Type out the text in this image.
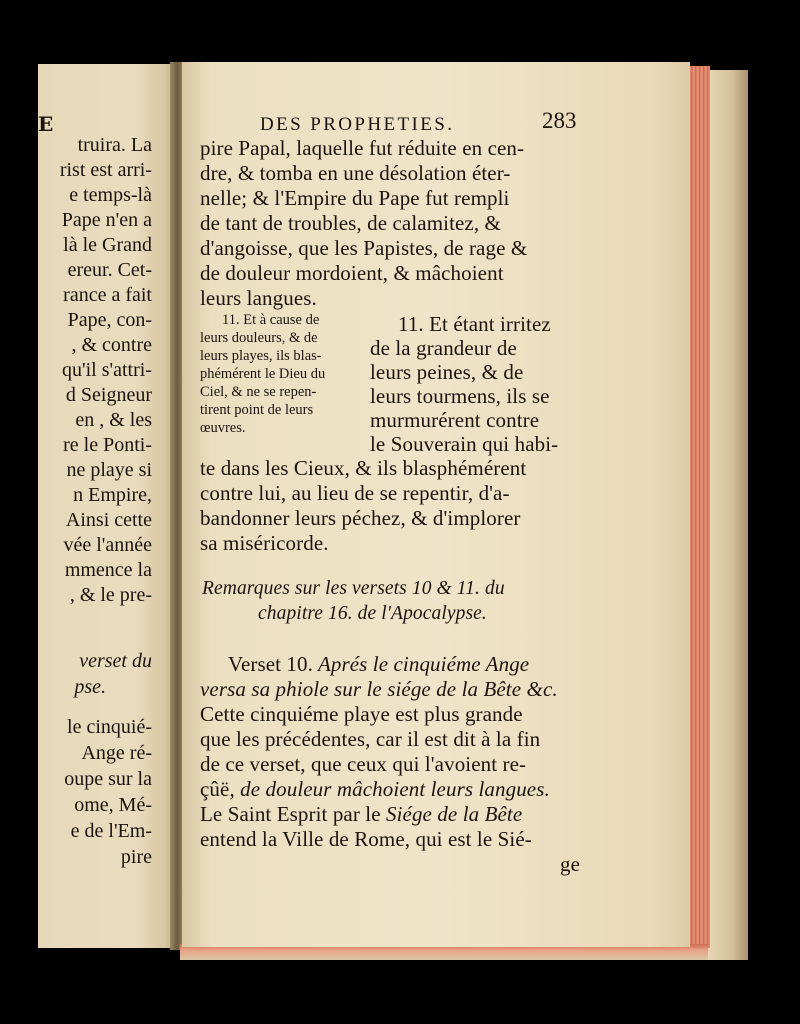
E
truira. La
rist est arri-
e temps-là
Pape n'en a
là le Grand
ereur. Cet-
rance a fait
Pape, con-
, & contre
qu'il s'attri-
d Seigneur
en , & les
re le Ponti-
ne playe si
n Empire,
Ainsi cette
vée l'année
mmence la
, & le pre-
verset du
pse.
le cinquié-
Ange ré-
oupe sur la
ome, Mé-
e de l'Em-
pire
DES PROPHETIES.	283
pire Papal, laquelle fut réduite en cen-
dre, & tomba en une désolation éter-
nelle; & l'Empire du Pape fut rempli
de tant de troubles, de calamitez, &
d'angoisse, que les Papistes, de rage &
de douleur mordoient, & mâchoient
leurs langues.
11. Et à cause de
leurs douleurs, & de
leurs playes, ils blas-
phémérent le Dieu du
Ciel, & ne se repen-
tirent point de leurs
œuvres.
11. Et étant irritez
de la grandeur de
leurs peines, & de
leurs tourmens, ils se
murmurérent contre
le Souverain qui habi-
te dans les Cieux, & ils blasphémérent
contre lui, au lieu de se repentir, d'a-
bandonner leurs péchez, & d'implorer
sa miséricorde.
Remarques sur les versets 10 & 11. du
chapitre 16. de l'Apocalypse.
Verset 10. Aprés le cinquiéme Ange
versa sa phiole sur le siége de la Bête &c.
Cette cinquiéme playe est plus grande
que les précédentes, car il est dit à la fin
de ce verset, que ceux qui l'avoient re-
çûë, de douleur mâchoient leurs langues.
Le Saint Esprit par le Siége de la Bête
entend la Ville de Rome, qui est le Sié-
ge
